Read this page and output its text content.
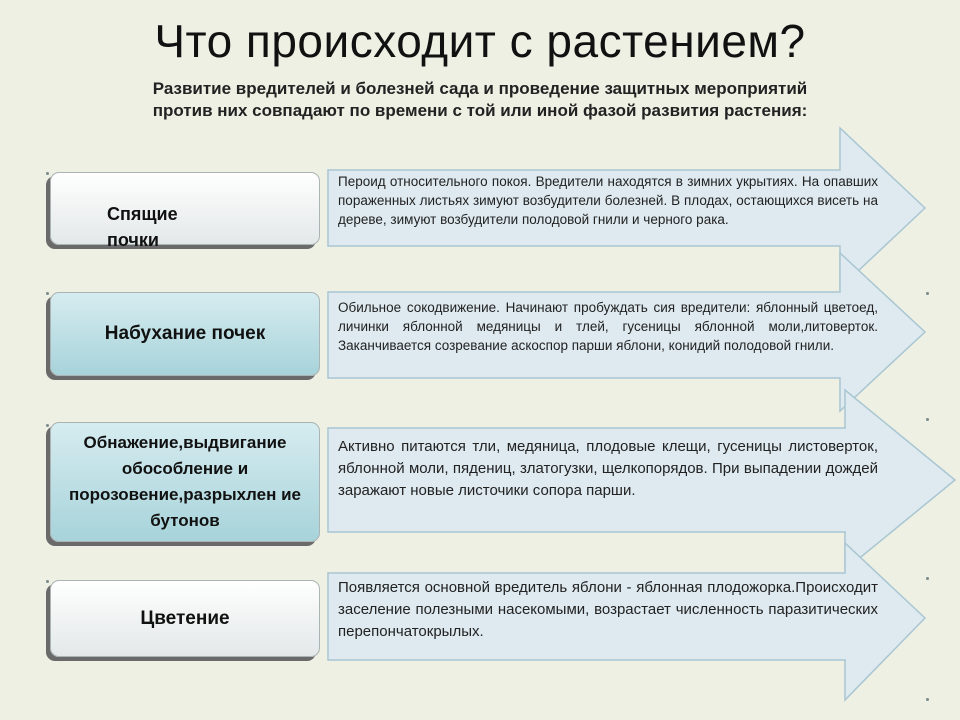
Что происходит с растением?
Развитие вредителей и болезней сада и проведение защитных мероприятий
против них совпадают по времени с той или иной фазой развития растения:
Спящие почки
Пероид относительного покоя. Вредители находятся в зимних укрытиях. На опавших пораженных листьях зимуют возбудители болезней. В плодах, остающихся висеть на дереве, зимуют возбудители полодовой гнили и черного рака.
Набухание почек
Обильное сокодвижение. Начинают пробуждать сия вредители: яблонный цветоед, личинки яблонной медяницы и тлей, гусеницы яблонной моли,литоверток. Заканчивается созревание аскоспор парши яблони, конидий полодовой гнили.
Обнажение,выдвигание обособление и порозовение,разрыхлен ие бутонов
Активно питаются тли, медяница, плодовые клещи, гусеницы листоверток, яблонной моли, пядениц, златогузки, щелкопорядов. При выпадении дождей заражают новые листочики сопора парши.
Цветение
Появляется основной вредитель яблони - яблонная плодожорка.Происходит заселение полезными насекомыми, возрастает численность паразитических перепончатокрылых.
